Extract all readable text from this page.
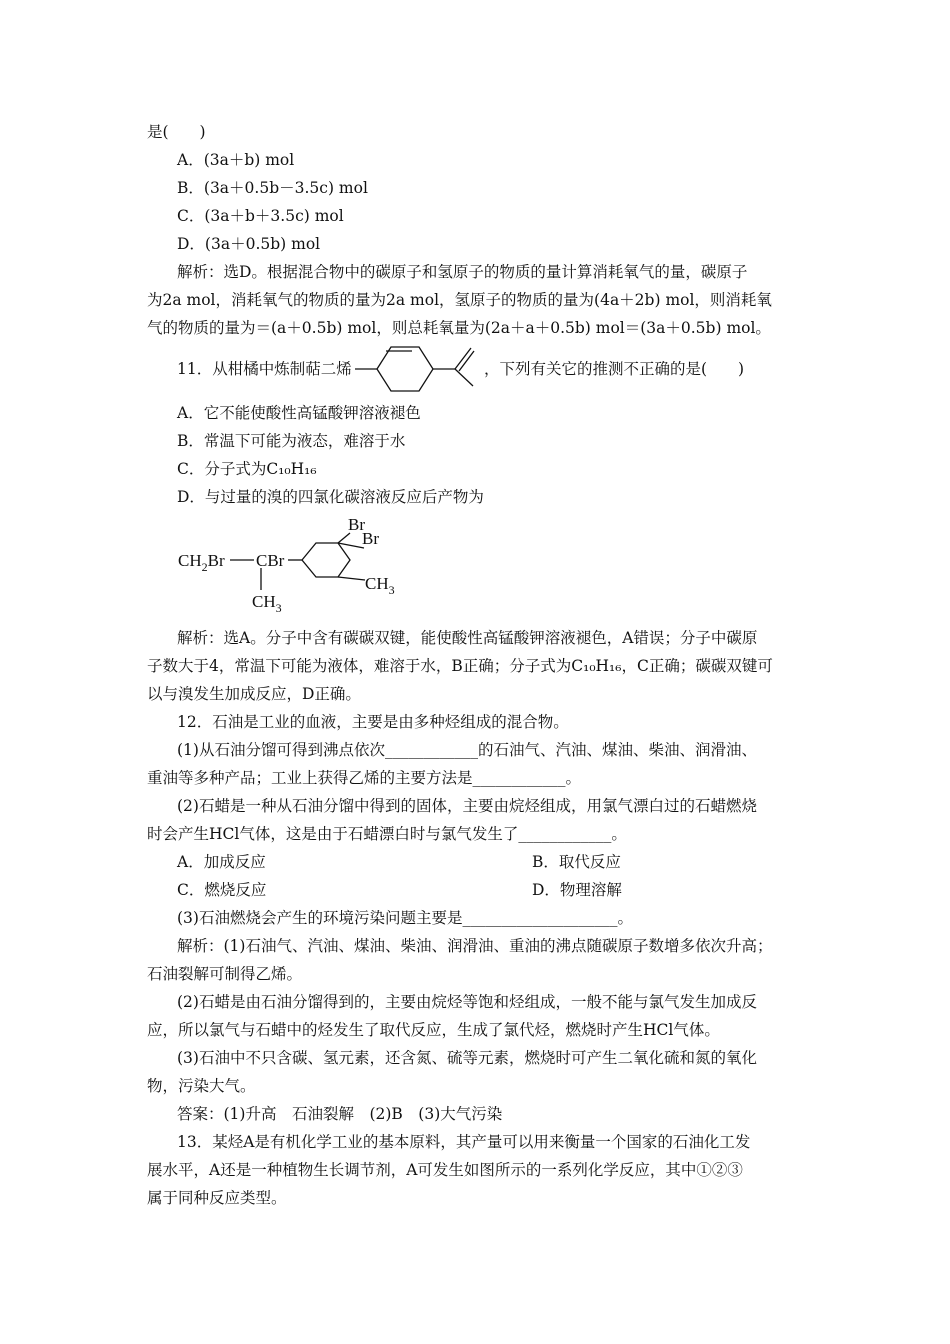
是(　　)
A．(3a＋b) mol
B．(3a＋0.5b－3.5c) mol
C．(3a＋b＋3.5c) mol
D．(3a＋0.5b) mol
解析：选D。根据混合物中的碳原子和氢原子的物质的量计算消耗氧气的量，碳原子
为2a mol，消耗氧气的物质的量为2a mol，氢原子的物质的量为(4a＋2b) mol，则消耗氧
气的物质的量为＝(a＋0.5b) mol，则总耗氧量为(2a＋a＋0.5b) mol＝(3a＋0.5b) mol。
11．从柑橘中炼制萜二烯	，下列有关它的推测不正确的是(　　)
A．它不能使酸性高锰酸钾溶液褪色
B．常温下可能为液态，难溶于水
C．分子式为C₁₀H₁₆
D．与过量的溴的四氯化碳溶液反应后产物为
$CH_2Br$ CBr
$CH_3$
Br
Br
$CH_3$
解析：选A。分子中含有碳碳双键，能使酸性高锰酸钾溶液褪色，A错误；分子中碳原
子数大于4，常温下可能为液体，难溶于水，B正确；分子式为C₁₀H₁₆，C正确；碳碳双键可
以与溴发生加成反应，D正确。
12．石油是工业的血液，主要是由多种烃组成的混合物。
(1)从石油分馏可得到沸点依次____________的石油气、汽油、煤油、柴油、润滑油、
重油等多种产品；工业上获得乙烯的主要方法是____________。
(2)石蜡是一种从石油分馏中得到的固体，主要由烷烃组成，用氯气漂白过的石蜡燃烧
时会产生HCl气体，这是由于石蜡漂白时与氯气发生了____________。
A．加成反应	B．取代反应
C．燃烧反应	D．物理溶解
(3)石油燃烧会产生的环境污染问题主要是____________________。
解析：(1)石油气、汽油、煤油、柴油、润滑油、重油的沸点随碳原子数增多依次升高；
石油裂解可制得乙烯。
(2)石蜡是由石油分馏得到的，主要由烷烃等饱和烃组成，一般不能与氯气发生加成反
应，所以氯气与石蜡中的烃发生了取代反应，生成了氯代烃，燃烧时产生HCl气体。
(3)石油中不只含碳、氢元素，还含氮、硫等元素，燃烧时可产生二氧化硫和氮的氧化
物，污染大气。
答案：(1)升高　石油裂解　(2)B　(3)大气污染
13．某烃A是有机化学工业的基本原料，其产量可以用来衡量一个国家的石油化工发
展水平，A还是一种植物生长调节剂，A可发生如图所示的一系列化学反应，其中①②③
属于同种反应类型。
